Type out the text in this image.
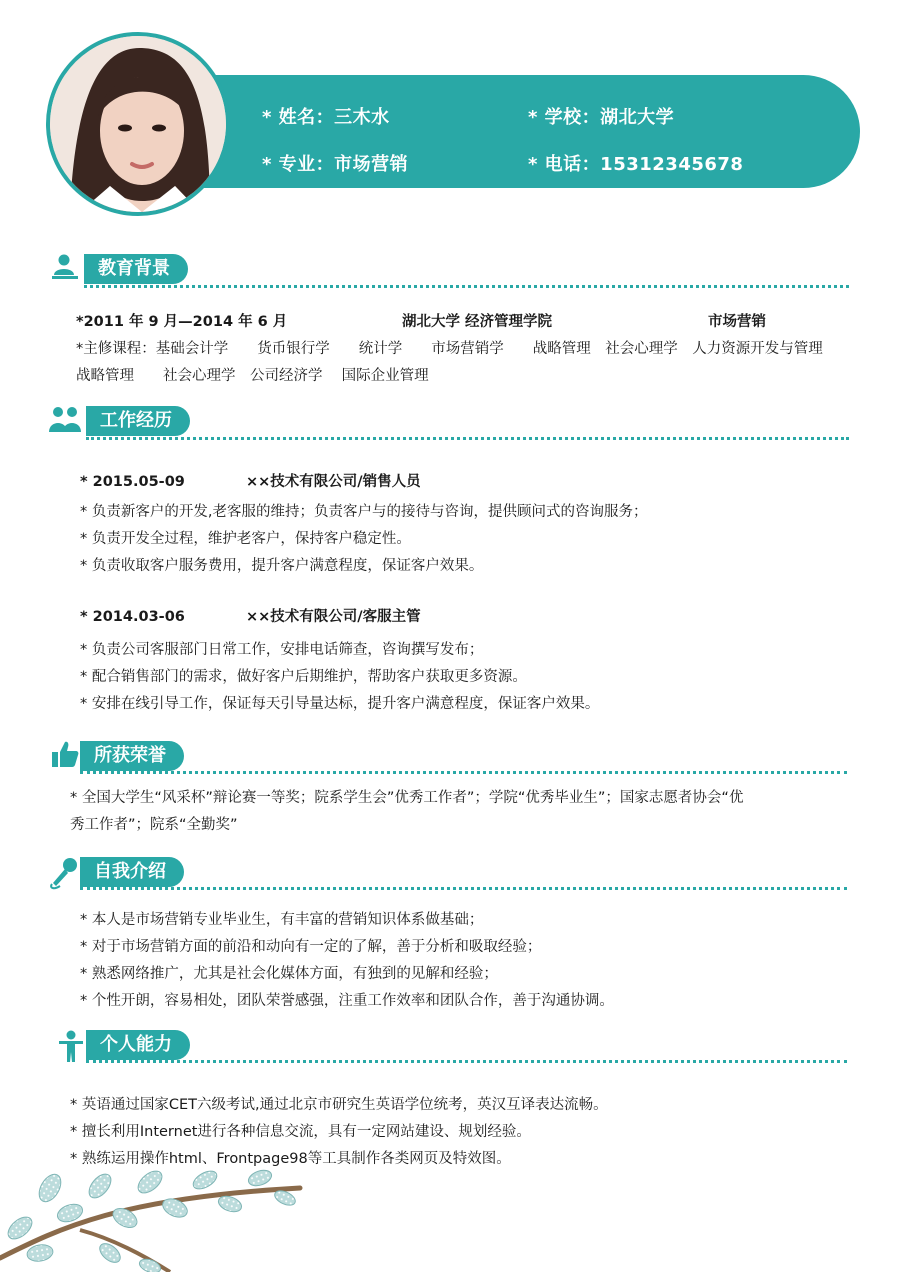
* 姓名：三木水	* 学校：湖北大学
* 专业：市场营销	* 电话：15312345678
教育背景
*2011 年 9 月—2014 年 6 月	湖北大学 经济管理学院	市场营销
*主修课程：基础会计学　　货币银行学　　统计学　　市场营销学　　战略管理　社会心理学　人力资源开发与管理
战略管理　　社会心理学　公司经济学　 国际企业管理
工作经历
* 2015.05-09	××技术有限公司/销售人员
* 负责新客户的开发,老客服的维持；负责客户与的接待与咨询，提供顾问式的咨询服务；
* 负责开发全过程，维护老客户，保持客户稳定性。
* 负责收取客户服务费用，提升客户满意程度，保证客户效果。
* 2014.03-06	××技术有限公司/客服主管
* 负责公司客服部门日常工作，安排电话筛查，咨询撰写发布；
* 配合销售部门的需求，做好客户后期维护，帮助客户获取更多资源。
* 安排在线引导工作，保证每天引导量达标，提升客户满意程度，保证客户效果。
所获荣誉
* 全国大学生“风采杯”辩论赛一等奖；院系学生会”优秀工作者”；学院“优秀毕业生”；国家志愿者协会“优
秀工作者”；院系“全勤奖”
自我介绍
* 本人是市场营销专业毕业生，有丰富的营销知识体系做基础；
* 对于市场营销方面的前沿和动向有一定的了解，善于分析和吸取经验；
* 熟悉网络推广，尤其是社会化媒体方面，有独到的见解和经验；
* 个性开朗，容易相处，团队荣誉感强，注重工作效率和团队合作，善于沟通协调。
个人能力
* 英语通过国家CET六级考试,通过北京市研究生英语学位统考，英汉互译表达流畅。
* 擅长利用Internet进行各种信息交流，具有一定网站建设、规划经验。
* 熟练运用操作html、Frontpage98等工具制作各类网页及特效图。
